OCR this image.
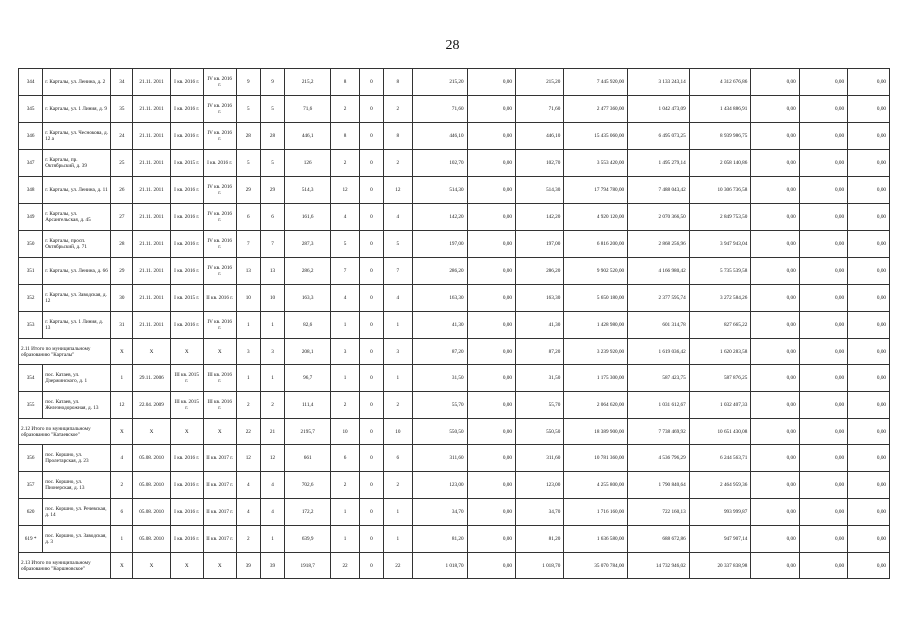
28
344	г. Карталы, ул. Ленина, д. 2	34	21.11. 2011	I кв. 2016 г.	IV кв. 2016 г.	9	9	215,2	8	0	8	215,20	0,00	215,20	7 445 920,00	3 133 243,14	4 312 676,86	0,00	0,00	0,00
345	г. Карталы, ул. 1 Линия, д. 9	35	21.11. 2011	I кв. 2016 г.	IV кв. 2016 г.	5	5	71,6	2	0	2	71,60	0,00	71,60	2 477 360,00	1 042 473,09	1 434 886,91	0,00	0,00	0,00
346	г. Карталы, ул. Чеснокова, д. 12 а	24	21.11. 2011	I кв. 2016 г.	IV кв. 2016 г.	28	28	446,1	8	0	8	446,10	0,00	446,10	15 435 060,00	6 495 073,25	8 939 986,75	0,00	0,00	0,00
347	г. Карталы, пр. Октябрьский, д. 39	25	21.11. 2011	I кв. 2015 г.	I кв. 2016 г.	5	5	126	2	0	2	102,70	0,00	102,70	3 553 420,00	1 495 279,14	2 058 140,86	0,00	0,00	0,00
348	г. Карталы, ул. Ленина, д. 11	26	21.11. 2011	I кв. 2016 г.	IV кв. 2016 г.	29	29	514,3	12	0	12	514,30	0,00	514,30	17 794 780,00	7 488 043,42	10 306 736,58	0,00	0,00	0,00
349	г. Карталы, ул. Арсангельская, д. 45	27	21.11. 2011	I кв. 2016 г.	IV кв. 2016 г.	6	6	161,6	4	0	4	142,20	0,00	142,20	4 920 120,00	2 070 366,50	2 849 753,50	0,00	0,00	0,00
350	г. Карталы, просп. Октябрьский, д. 71	28	21.11. 2011	I кв. 2016 г.	IV кв. 2016 г.	7	7	287,3	5	0	5	197,00	0,00	197,00	6 816 200,00	2 868 256,96	3 947 943,04	0,00	0,00	0,00
351	г. Карталы, ул. Ленина, д. 66	29	21.11. 2011	I кв. 2016 г.	IV кв. 2016 г.	13	13	286,2	7	0	7	286,20	0,00	286,20	9 902 520,00	4 166 980,42	5 735 539,58	0,00	0,00	0,00
352	г. Карталы, ул. Заводская, д. 12	30	21.11. 2011	I кв. 2015 г.	II кв. 2016 г.	10	10	163,3	4	0	4	163,30	0,00	163,30	5 650 180,00	2 377 595,74	3 272 584,26	0,00	0,00	0,00
353	г. Карталы, ул. 1 Линия, д. 13	31	21.11. 2011	I кв. 2016 г.	IV кв. 2016 г.	1	1	82,6	1	0	1	41,30	0,00	41,30	1 428 980,00	601 314,78	827 665,22	0,00	0,00	0,00
2.11 Итого по муниципальному образованию "Карталы"		X	X	X	X	3	3	208,1	3	0	3	87,20	0,00	87,20	3 239 920,00	1 619 036,42	1 620 283,58	0,00	0,00	0,00
354	пос. Катаев, ул. Дзержинского, д. 1	1	29.11. 2006	III кв. 2015 г.	III кв. 2016 г.	1	1	96,7	1	0	1	31,50	0,00	31,50	1 175 300,00	587 423,75	587 876,25	0,00	0,00	0,00
355	пос. Катаев, ул. Железнодорожная, д. 13	12	22.04. 2009	III кв. 2015 г.	III кв. 2016 г.	2	2	111,4	2	0	2	55,70	0,00	55,70	2 064 620,00	1 031 612,67	1 032 407,33	0,00	0,00	0,00
2.12 Итого по муниципальному образованию "Катаевское"		X	X	X	X	22	21	2195,7	10	0	10	550,50	0,00	550,50	18 389 900,00	7 738 469,92	10 651 430,08	0,00	0,00	0,00
356	пос. Коршно, ул. Пролетарская, д. 23	4	05.08. 2010	I кв. 2016 г.	II кв. 2017 г.	12	12	661	6	0	6	311,60	0,00	311,60	10 781 360,00	4 536 796,29	6 244 563,71	0,00	0,00	0,00
357	пос. Коршно, ул. Пионерская, д. 13	2	05.08. 2010	I кв. 2016 г.	II кв. 2017 г.	4	4	702,6	2	0	2	123,00	0,00	123,00	4 255 800,00	1 790 840,64	2 464 959,36	0,00	0,00	0,00
620	пос. Коршно, ул. Речевская, д. 14	6	05.08. 2010	I кв. 2016 г.	II кв. 2017 г.	4	4	172,2	1	0	1	34,70	0,00	34,70	1 716 160,00	722 160,13	993 999,87	0,00	0,00	0,00
619 *	пос. Коршно, ул. Заводская, д. 3	1	05.08. 2010	I кв. 2016 г.	II кв. 2017 г.	2	1	639,9	1	0	1	81,20	0,00	81,20	1 636 580,00	688 672,86	947 907,14	0,00	0,00	0,00
2.13 Итого по муниципальному образованию "Коршновское"		X	X	X	X	39	39	1918,7	22	0	22	1 018,70	0,00	1 018,70	35 070 784,00	14 732 946,02	20 337 838,98	0,00	0,00	0,00
